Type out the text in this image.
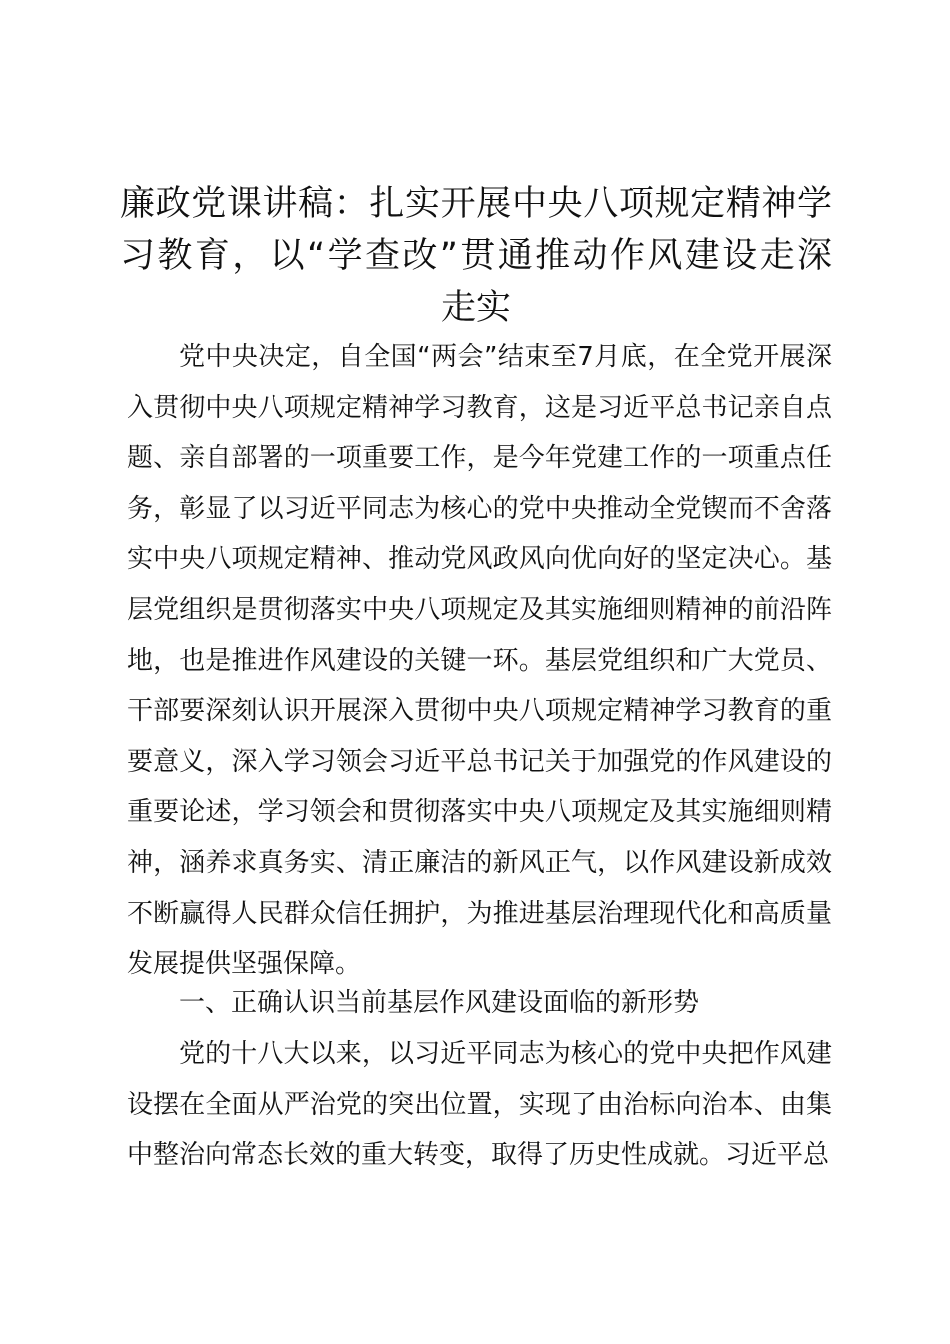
廉政党课讲稿：扎实开展中央八项规定精神学习教育，以“学查改”贯通推动作风建设走深
走实

党中央决定，自全国“两会”结束至7月底，在全党开展深入贯彻中央八项规定精神学习教育，这是习近平总书记亲自点题、亲自部署的一项重要工作，是今年党建工作的一项重点任务，彰显了以习近平同志为核心的党中央推动全党锲而不舍落实中央八项规定精神、推动党风政风向优向好的坚定决心。基层党组织是贯彻落实中央八项规定及其实施细则精神的前沿阵地，也是推进作风建设的关键一环。基层党组织和广大党员、干部要深刻认识开展深入贯彻中央八项规定精神学习教育的重要意义，深入学习领会习近平总书记关于加强党的作风建设的重要论述，学习领会和贯彻落实中央八项规定及其实施细则精神，涵养求真务实、清正廉洁的新风正气，以作风建设新成效不断赢得人民群众信任拥护，为推进基层治理现代化和高质量发展提供坚强保障。

一、正确认识当前基层作风建设面临的新形势

党的十八大以来，以习近平同志为核心的党中央把作风建设摆在全面从严治党的突出位置，实现了由治标向治本、由集中整治向常态长效的重大转变，取得了历史性成就。习近平总
